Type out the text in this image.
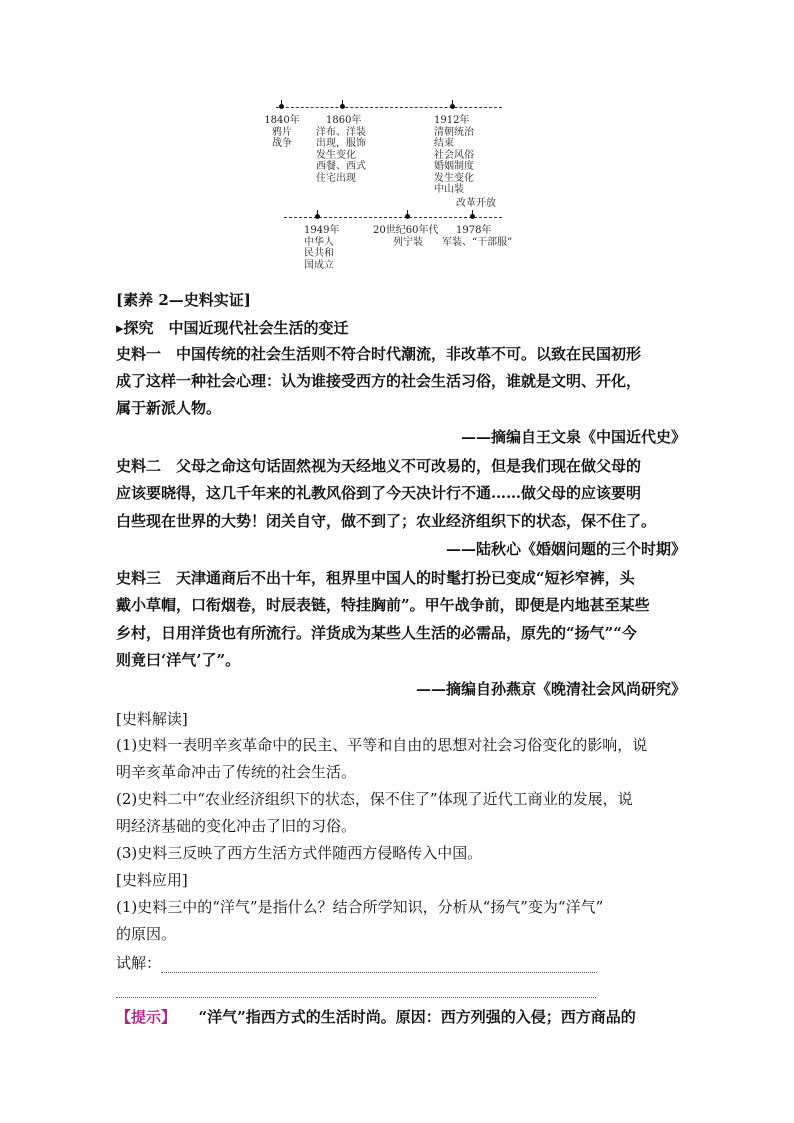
1840年
鸦片
战争
1860年
洋布、洋装
出现，服饰
发生变化
西餐、西式
住宅出现
1912年
清朝统治
结束
社会风俗
婚姻制度
发生变化
中山装
改革开放
1949年
中华人
民共和
国成立
20世纪60年代
列宁装
1978年
军装、“干部服”
[素养 2—史料实证]
▸探究　中国近现代社会生活的变迁
史料一　 中国传统的社会生活则不符合时代潮流，非改革不可。以致在民国初形
成了这样一种社会心理：认为谁接受西方的社会生活习俗，谁就是文明、开化，
属于新派人物。
——摘编自王文泉《中国近代史》
史料二　 父母之命这句话固然视为天经地义不可改易的，但是我们现在做父母的
应该要晓得，这几千年来的礼教风俗到了今天决计行不通……做父母的应该要明
白些现在世界的大势！闭关自守，做不到了；农业经济组织下的状态，保不住了。
——陆秋心《婚姻问题的三个时期》
史料三　 天津通商后不出十年，租界里中国人的时髦打扮已变成“短衫窄裤，头
戴小草帽，口衔烟卷，时辰表链，特挂胸前”。甲午战争前，即便是内地甚至某些
乡村，日用洋货也有所流行。洋货成为某些人生活的必需品，原先的“扬气”“今
则竟曰‘洋气’了”。
——摘编自孙燕京《晚清社会风尚研究》
[史料解读]
(1)史料一表明辛亥革命中的民主、平等和自由的思想对社会习俗变化的影响，说
明辛亥革命冲击了传统的社会生活。
(2)史料二中“农业经济组织下的状态，保不住了”体现了近代工商业的发展，说
明经济基础的变化冲击了旧的习俗。
(3)史料三反映了西方生活方式伴随西方侵略传入中国。
[史料应用]
(1)史料三中的“洋气”是指什么？结合所学知识，分析从“扬气”变为“洋气”
的原因。
试解：
【提示】　　 “洋气”指西方式的生活时尚。原因：西方列强的入侵；西方商品的
